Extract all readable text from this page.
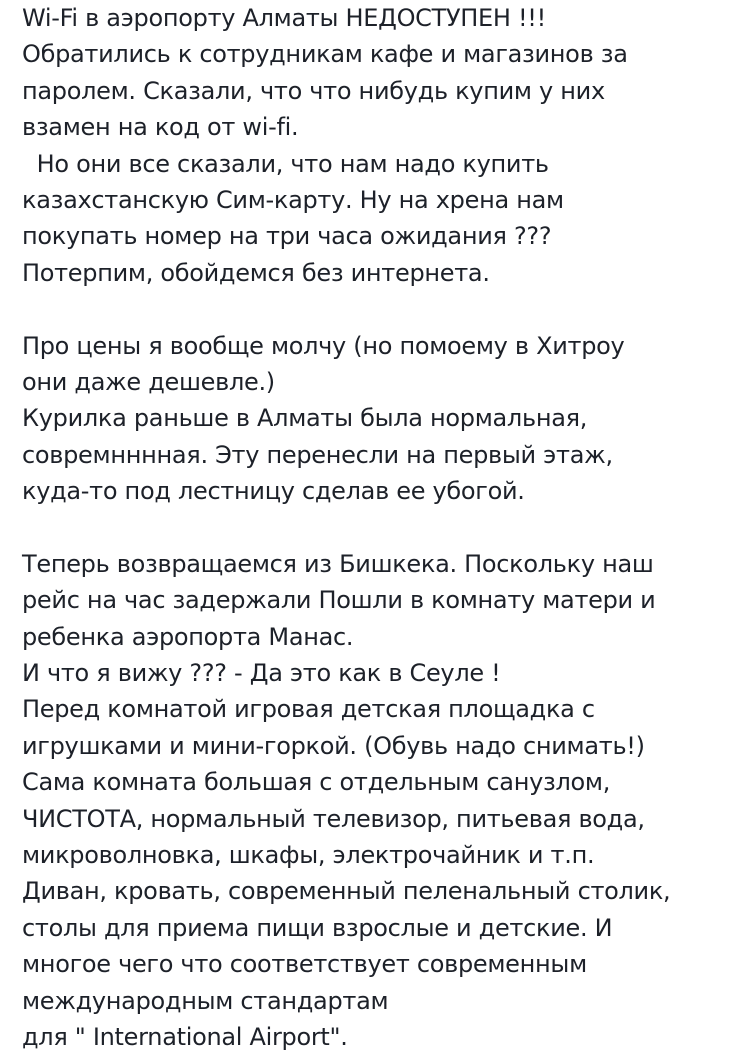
Wi-Fi в аэропорту Алматы НЕДОСТУПЕН !!!
Обратились к сотрудникам кафе и магазинов за
паролем. Сказали, что что нибудь купим у них
взамен на код от wi-fi.
Но они все сказали, что нам надо купить
казахстанскую Сим-карту. Ну на хрена нам
покупать номер на три часа ожидания ???
Потерпим, обойдемся без интернета.
Про цены я вообще молчу (но помоему в Хитроу
они даже дешевле.)
Курилка раньше в Алматы была нормальная,
совремнннная. Эту перенесли на первый этаж,
куда-то под лестницу сделав ее убогой.
Теперь возвращаемся из Бишкека. Поскольку наш
рейс на час задержали Пошли в комнату матери и
ребенка аэропорта Манас.
И что я вижу ??? - Да это как в Сеуле !
Перед комнатой игровая детская площадка с
игрушками и мини-горкой. (Обувь надо снимать!)
Сама комната большая с отдельным санузлом,
ЧИСТОТА, нормальный телевизор, питьевая вода,
микроволновка, шкафы, электрочайник и т.п.
Диван, кровать, современный пеленальный столик,
столы для приема пищи взрослые и детские. И
многое чего что соответствует современным
международным стандартам
для " International Airport".
